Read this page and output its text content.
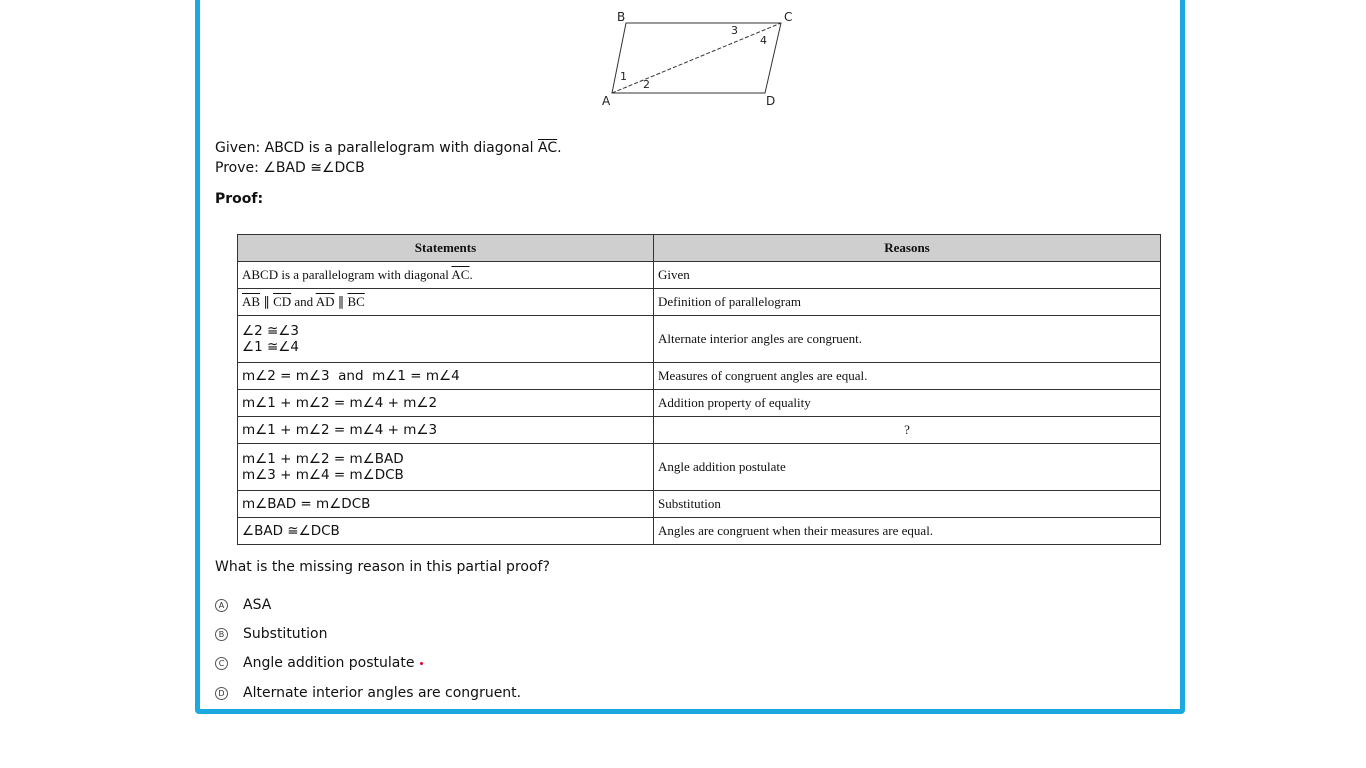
B	C
A	D
1
2
3
4
Given: ABCD is a parallelogram with diagonal $\overline{AC}$.
Prove: ∠BAD ≅∠DCB
Proof:
Statements	Reasons
ABCD is a parallelogram with diagonal $\overline{AC}$.	Given
$\overline{AB}$ ∥ $\overline{CD}$ and $\overline{AD}$ ∥ $\overline{BC}$	Definition of parallelogram

∠2 ≅∠3
∠1 ≅∠4	Alternate interior angles are congruent.
m∠2 = m∠3  and  m∠1 = m∠4	Measures of congruent angles are equal.
m∠1 + m∠2 = m∠4 + m∠2	Addition property of equality
m∠1 + m∠2 = m∠4 + m∠3	?

m∠1 + m∠2 = m∠BAD
m∠3 + m∠4 = m∠DCB	Angle addition postulate
m∠BAD = m∠DCB	Substitution
∠BAD ≅∠DCB	Angles are congruent when their measures are equal.
What is the missing reason in this partial proof?
A ASA
B Substitution
C Angle addition postulate
D Alternate interior angles are congruent.
